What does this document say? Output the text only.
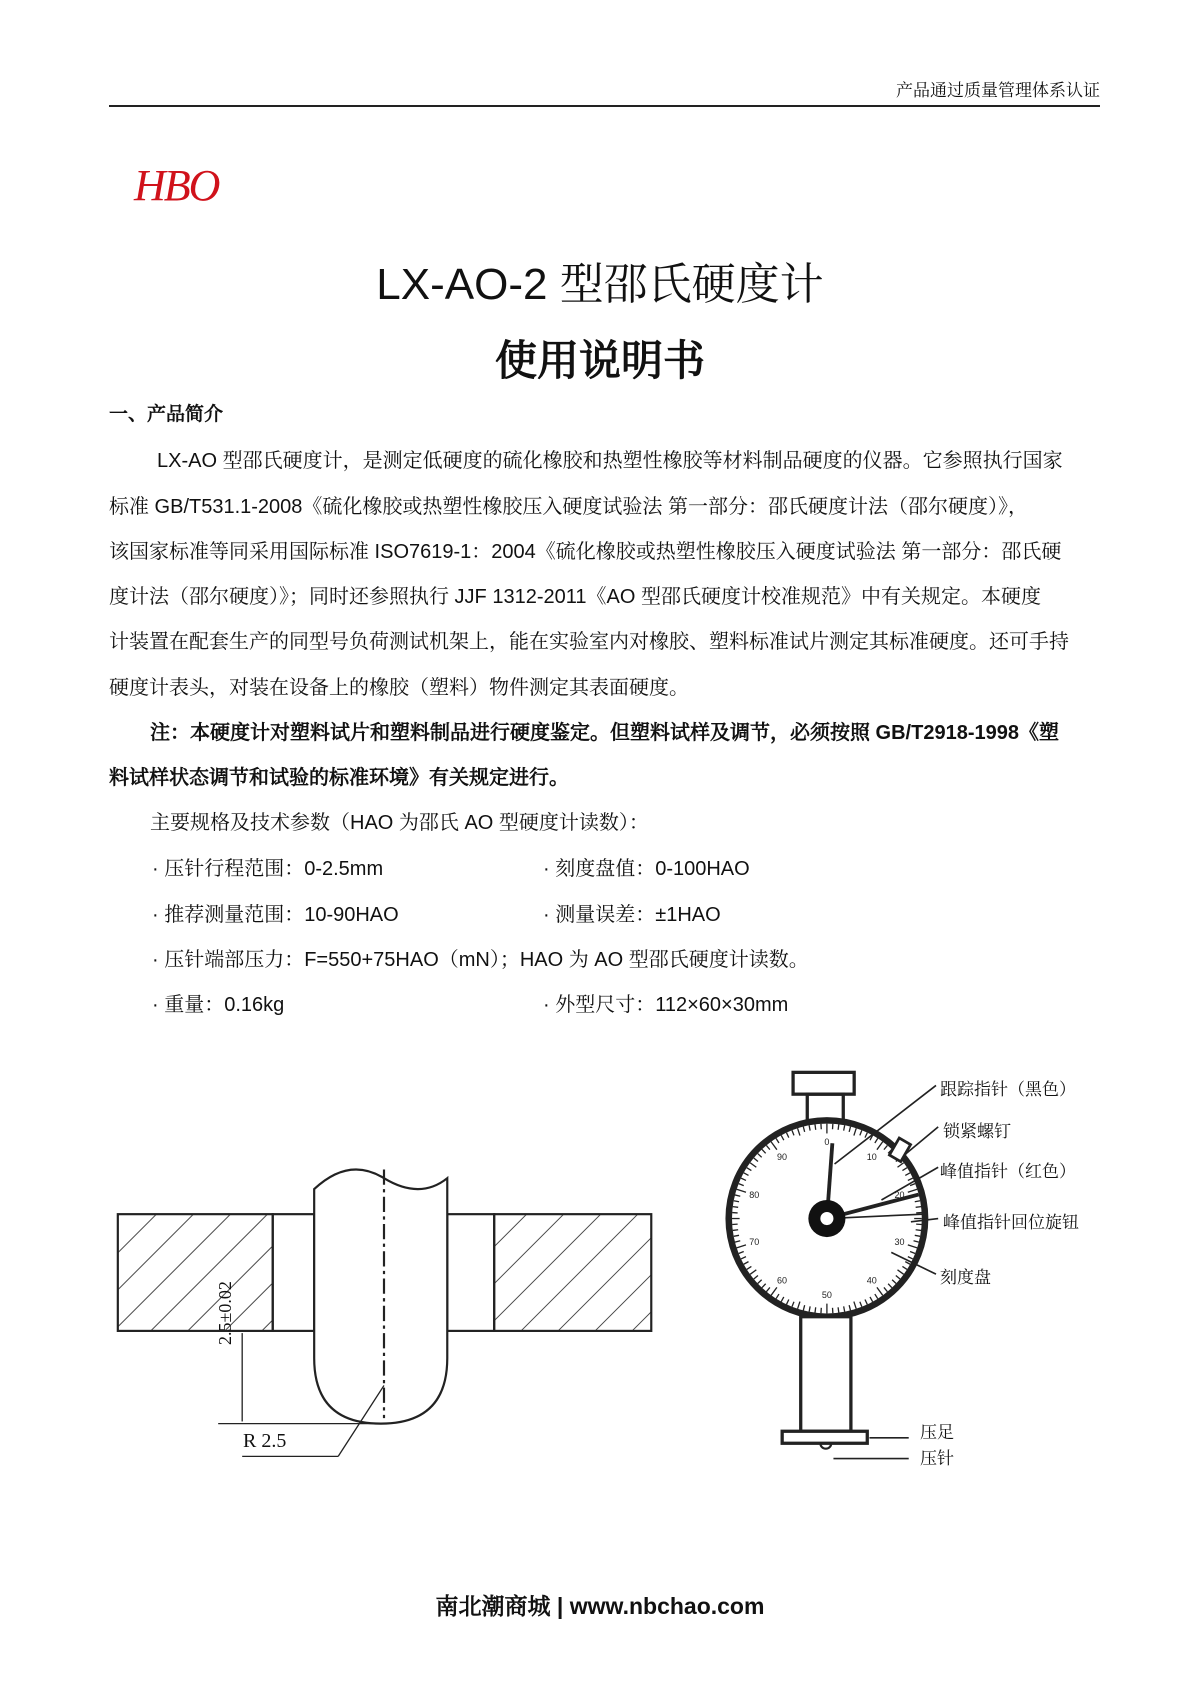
产品通过质量管理体系认证
HBO
LX-AO-2 型邵氏硬度计
使用说明书
一、产品简介
LX-AO 型邵氏硬度计，是测定低硬度的硫化橡胶和热塑性橡胶等材料制品硬度的仪器。它参照执行国家
标准 GB/T531.1-2008《硫化橡胶或热塑性橡胶压入硬度试验法 第一部分：邵氏硬度计法（邵尔硬度）》，
该国家标准等同采用国际标准 ISO7619-1：2004《硫化橡胶或热塑性橡胶压入硬度试验法 第一部分：邵氏硬
度计法（邵尔硬度）》；同时还参照执行 JJF 1312-2011《AO 型邵氏硬度计校准规范》中有关规定。本硬度
计装置在配套生产的同型号负荷测试机架上，能在实验室内对橡胶、塑料标准试片测定其标准硬度。还可手持
硬度计表头，对装在设备上的橡胶（塑料）物件测定其表面硬度。
注：本硬度计对塑料试片和塑料制品进行硬度鉴定。但塑料试样及调节，必须按照 GB/T2918-1998《塑
料试样状态调节和试验的标准环境》有关规定进行。
主要规格及技术参数（HAO 为邵氏 AO 型硬度计读数）：
· 压针行程范围：0-2.5mm	· 刻度盘值：0-100HAO
· 推荐测量范围：10-90HAO	· 测量误差：±1HAO
· 压针端部压力：F=550+75HAO（mN）；HAO 为 AO 型邵氏硬度计读数。
· 重量：0.16kg	· 外型尺寸：112×60×30mm
0
10
20
30
40
50
60
70
80
90
2.5±0.02
R 2.5
跟踪指针（黑色）
锁紧螺钉
峰值指针（红色）
峰值指针回位旋钮
刻度盘
压足
压针
南北潮商城 | www.nbchao.com
